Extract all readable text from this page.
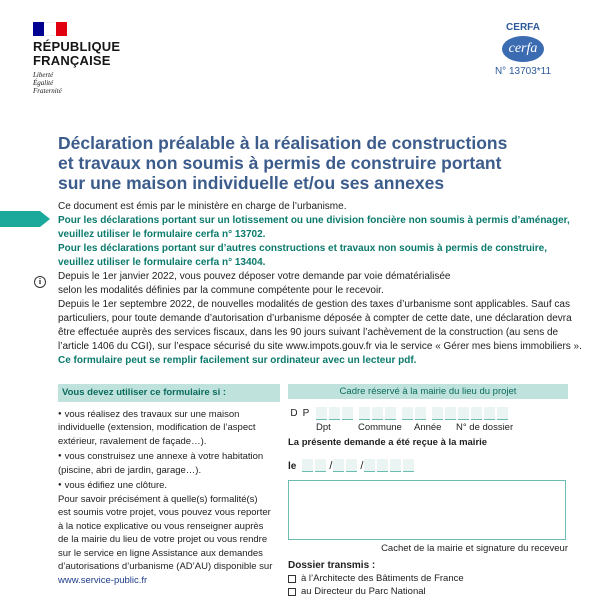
RÉPUBLIQUE
FRANÇAISE
Liberté
Égalité
Fraternité
CERFA
cerfa
N° 13703*11
Déclaration préalable à la réalisation de constructions
et travaux non soumis à permis de construire portant
sur une maison individuelle et/ou ses annexes
i

Ce document est émis par le ministère en charge de l’urbanisme.

Pour les déclarations portant sur un lotissement ou une division foncière non soumis à permis d’aménager,

veuillez utiliser le formulaire cerfa n° 13702.

Pour les déclarations portant sur d’autres constructions et travaux non soumis à permis de construire,

veuillez utiliser le formulaire cerfa n° 13404.

Depuis le 1er janvier 2022, vous pouvez déposer votre demande par voie dématérialisée

selon les modalités définies par la commune compétente pour le recevoir.

Depuis le 1er septembre 2022, de nouvelles modalités de gestion des taxes d’urbanisme sont applicables. Sauf cas

particuliers, pour toute demande d’autorisation d’urbanisme déposée à compter de cette date, une déclaration devra

être effectuée auprès des services fiscaux, dans les 90 jours suivant l’achèvement de la construction (au sens de

l’article 1406 du CGI), sur l’espace sécurisé du site www.impots.gouv.fr via le service « Gérer mes biens immobiliers ».

Ce formulaire peut se remplir facilement sur ordinateur avec un lecteur pdf.

Vous devez utiliser ce formulaire si :
● vous réalisez des travaux sur une maison
individuelle (extension, modification de l’aspect
extérieur, ravalement de façade…).
● vous construisez une annexe à votre habitation
(piscine, abri de jardin, garage…).
● vous édifiez une clôture.
Pour savoir précisément à quelle(s) formalité(s)
est soumis votre projet, vous pouvez vous reporter
à la notice explicative ou vous renseigner auprès
de la mairie du lieu de votre projet ou vous rendre
sur le service en ligne Assistance aux demandes
d’autorisations d’urbanisme (AD’AU) disponible sur
www.service-public.fr
Cadre réservé à la mairie du lieu du projet
D P
Dpt	Commune Année N° de dossier
La présente demande a été reçue à la mairie
le	/	/
Cachet de la mairie et signature du receveur
Dossier transmis :
à l’Architecte des Bâtiments de France
au Directeur du Parc National
